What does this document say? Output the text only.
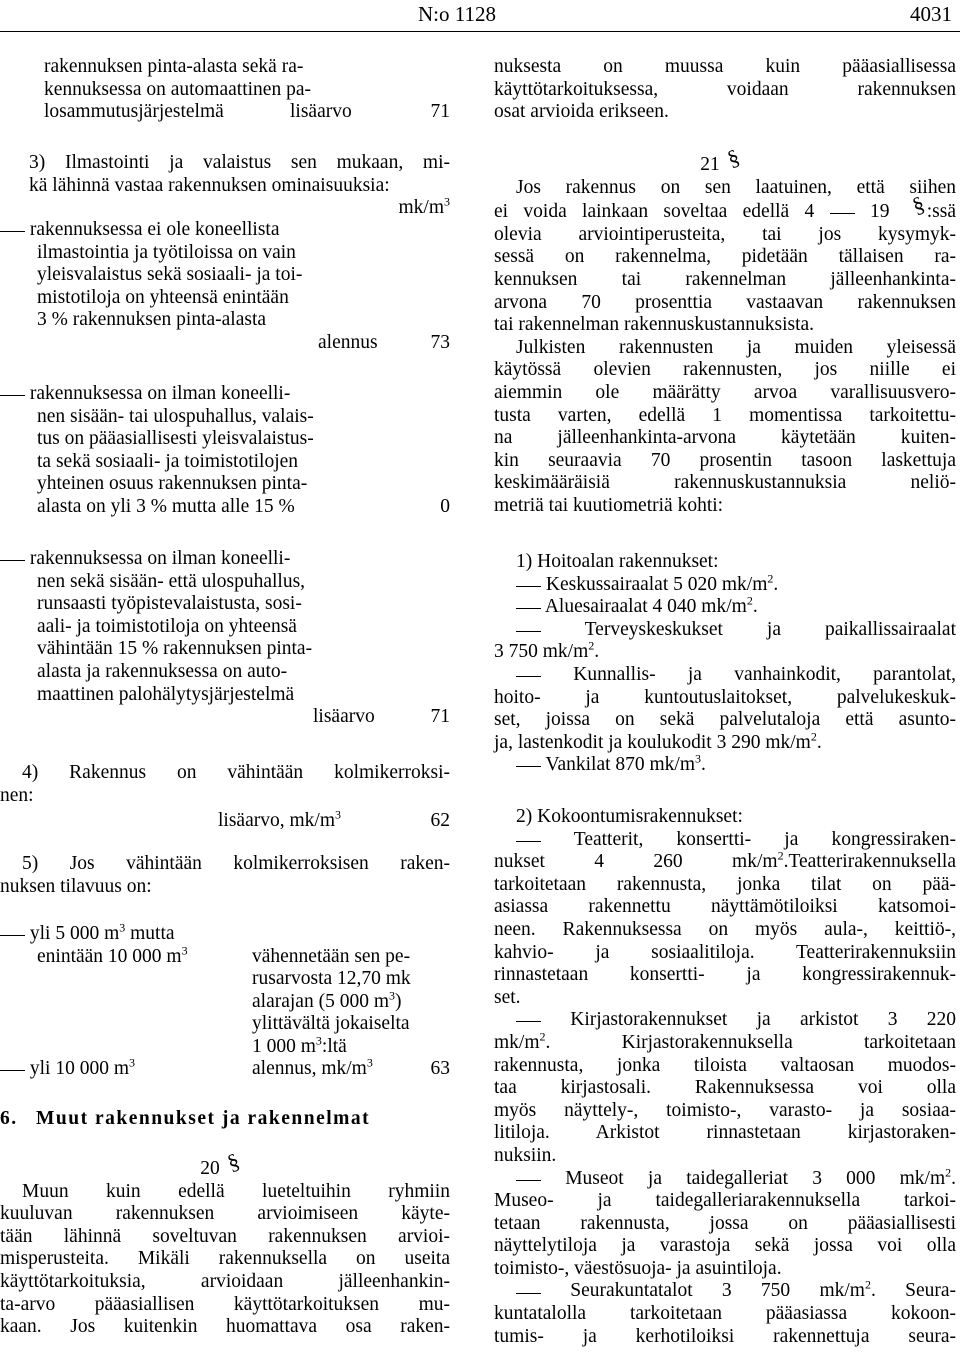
N:o 1128	4031
rakennuksen pinta-alasta sekä ra-
kennuksessa on automaattinen pa-
losammutusjärjestelmä	lisäarvo	71
3) Ilmastointi ja valaistus sen mukaan, mi-
kä lähinnä vastaa rakennuksen ominaisuuksia:
$mk/m^3$
rakennuksessa ei ole koneellista
ilmastointia ja työtiloissa on vain
yleisvalaistus sekä sosiaali- ja toi-
mistotiloja on yhteensä enintään
3 % rakennuksen pinta-alasta
alennus	73
rakennuksessa on ilman koneelli-
nen sisään- tai ulospuhallus, valais-
tus on pääasiallisesti yleisvalaistus-
ta sekä sosiaali- ja toimistotilojen
yhteinen osuus rakennuksen pinta-
alasta on yli 3 % mutta alle 15 %	0
rakennuksessa on ilman koneelli-
nen sekä sisään- että ulospuhallus,
runsaasti työpistevalaistusta, sosi-
aali- ja toimistotiloja on yhteensä
vähintään 15 % rakennuksen pinta-
alasta ja rakennuksessa on auto-
maattinen palohälytysjärjestelmä
lisäarvo	71
4) Rakennus on vähintään kolmikerroksi-
nen:
lisäarvo, $mk/m^3$	62
5) Jos vähintään kolmikerroksisen raken-
nuksen tilavuus on:
yli 5 000 $m^3$ mutta
enintään 10 000 $m^3$	vähennetään sen pe-
rusarvosta 12,70 mk
alarajan (5 000 $m^3$)
ylittävältä jokaiselta
1 000 $m^3:ltä$
yli 10 000 $m^3$	alennus, $mk/m^3$	63
6. Muut rakennukset ja rakennelmat
20§
Muun kuin edellä lueteltuihin ryhmiin
kuuluvan rakennuksen arvioimiseen käyte-
tään lähinnä soveltuvan rakennuksen arvioi-
misperusteita. Mikäli rakennuksella on useita
käyttötarkoituksia, arvioidaan jälleenhankin-
ta-arvo pääasiallisen käyttötarkoituksen mu-
kaan. Jos kuitenkin huomattava osa raken-
nuksesta on muussa kuin pääasiallisessa
käyttötarkoituksessa, voidaan rakennuksen
osat arvioida erikseen.
21§
Jos rakennus on sen laatuinen, että siihen
ei voida lainkaan soveltaa edellä 4	19 § :ssä
olevia arviointiperusteita, tai jos kysymyk-
sessä on rakennelma, pidetään tällaisen ra-
kennuksen tai rakennelman jälleenhankinta-
arvona 70 prosenttia vastaavan rakennuksen
tai rakennelman rakennuskustannuksista.
Julkisten rakennusten ja muiden yleisessä
käytössä olevien rakennusten, jos niille ei
aiemmin ole määrätty arvoa varallisuusvero-
tusta varten, edellä 1 momentissa tarkoitettu-
na jälleenhankinta-arvona käytetään kuiten-
kin seuraavia 70 prosentin tasoon laskettuja
keskimääräisiä rakennuskustannuksia neliö-
metriä tai kuutiometriä kohti:
1) Hoitoalan rakennukset:
Keskussairaalat 5 020 $mk/m^2$.
Aluesairaalat 4 040 $mk/m^2$.
Terveyskeskukset ja paikallissairaalat
3 750 $mk/m^2$.
Kunnallis- ja vanhainkodit, parantolat,
hoito- ja kuntoutuslaitokset, palvelukeskuk-
set, joissa on sekä palvelutaloja että asunto-
ja, lastenkodit ja koulukodit 3 290 $mk/m^2$.
Vankilat 870 $mk/m^3$.
2) Kokoontumisrakennukset:
Teatterit, konsertti- ja kongressiraken-
nukset 4 260 $mk/m^2.Teatterirakennuksella$
tarkoitetaan rakennusta, jonka tilat on pää-
asiassa rakennettu näyttämötiloiksi katsomoi-
neen. Rakennuksessa on myös aula-, keittiö-,
kahvio- ja sosiaalitiloja. Teatterirakennuksiin
rinnastetaan konsertti- ja kongressirakennuk-
set.
Kirjastorakennukset ja arkistot 3 220
$mk/m^2$. Kirjastorakennuksella tarkoitetaan
rakennusta, jonka tiloista valtaosan muodos-
taa kirjastosali. Rakennuksessa voi olla
myös näyttely-, toimisto-, varasto- ja sosiaa-
litiloja. Arkistot rinnastetaan kirjastoraken-
nuksiin.
Museot ja taidegalleriat 3 000 $mk/m^2$.
Museo- ja taidegalleriarakennuksella tarkoi-
tetaan rakennusta, jossa on pääasiallisesti
näyttelytiloja ja varastoja sekä jossa voi olla
toimisto-, väestösuoja- ja asuintiloja.
Seurakuntatalot 3 750 $mk/m^2$. Seura-
kuntatalolla tarkoitetaan pääasiassa kokoon-
tumis- ja kerhotiloiksi rakennettuja seura-
